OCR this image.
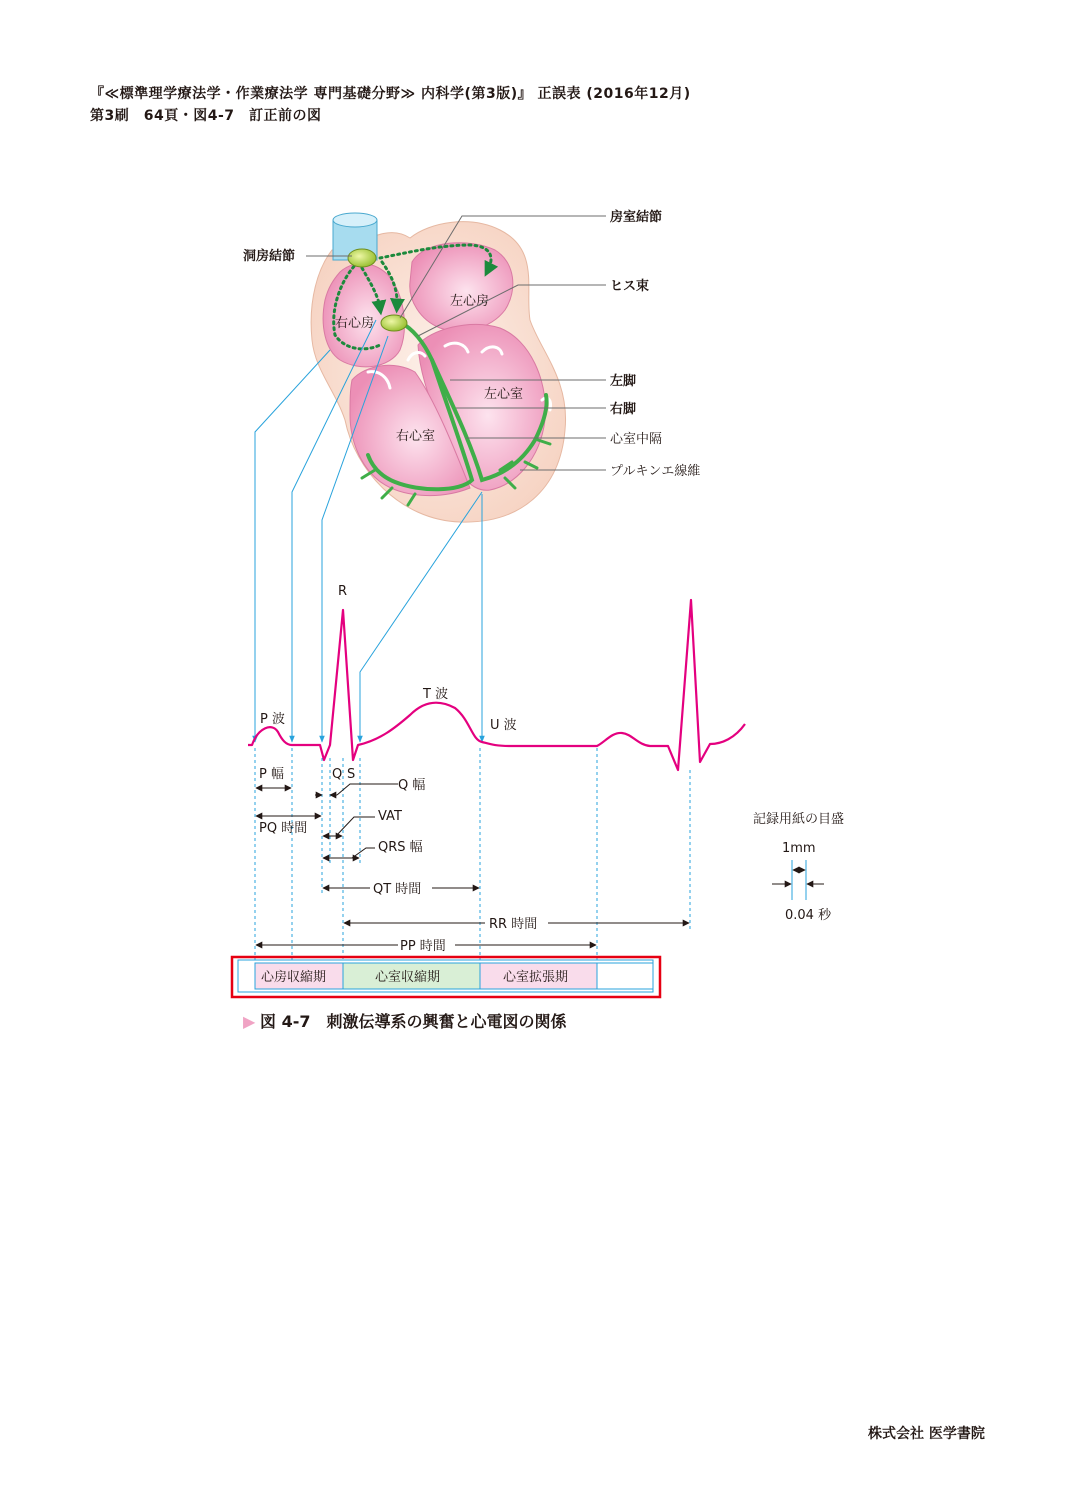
『≪標準理学療法学・作業療法学 専門基礎分野≫ 内科学(第3版)』 正誤表 (2016年12月)
第3刷　64頁・図4-7　訂正前の図
右心房
左心房
左心室
右心室
洞房結節
房室結節
ヒス束
左脚
右脚
心室中隔
プルキンエ線維
R
P 波
T 波
U 波
Q S
P 幅
Q 幅
PQ 時間
VAT
QRS 幅
QT 時間
RR 時間
PP 時間
記録用紙の目盛
1mm
0.04 秒
心房収縮期	心室収縮期	心室拡張期
▶ 図 4-7　刺激伝導系の興奮と心電図の関係
株式会社 医学書院
